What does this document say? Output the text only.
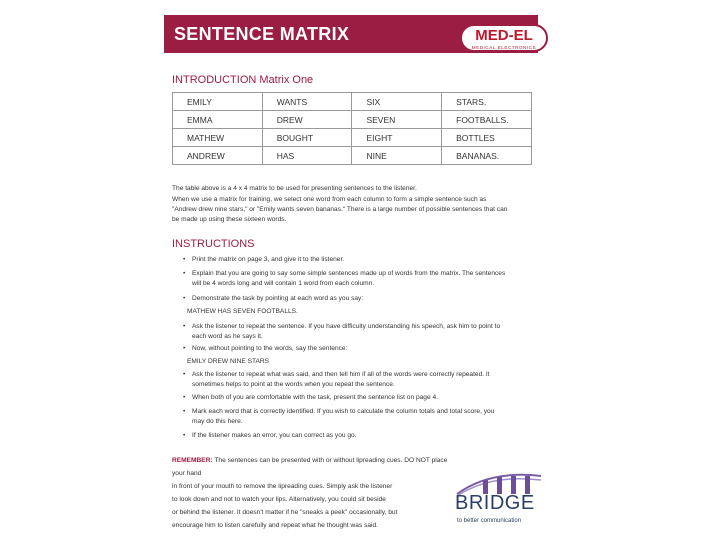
SENTENCE MATRIX	MED-EL
MEDICAL ELECTRONICS
INTRODUCTION Matrix One
EMILY	WANTS	SIX	STARS.
EMMA	DREW	SEVEN	FOOTBALLS.
MATHEW	BOUGHT	EIGHT	BOTTLES
ANDREW	HAS	NINE	BANANAS.
The table above is a 4 x 4 matrix to be used for presenting sentences to the listener.
When we use a matrix for training, we select one word from each column to form a simple sentence such as
"Andrew drew nine stars," or "Emily wants seven bananas." There is a large number of possible sentences that can
be made up using these sixteen words.
INSTRUCTIONS
• Print the matrix on page 3, and give it to the listener.
• Explain that you are going to say some simple sentences made up of words from the matrix. The sentences
will be 4 words long and will contain 1 word from each column.
• Demonstrate the task by pointing at each word as you say:
MATHEW HAS SEVEN FOOTBALLS.
• Ask the listener to repeat the sentence. If you have difficulty understanding his speech, ask him to point to
each word as he says it.
• Now, without pointing to the words, say the sentence:
EMILY DREW NINE STARS
• Ask the listener to repeat what was said, and then tell him if all of the words were correctly repeated. It
sometimes helps to point at the words when you repeat the sentence.
• When both of you are comfortable with the task, present the sentence list on page 4.
• Mark each word that is correctly identified. If you wish to calculate the column totals and total score, you
may do this here.
• If the listener makes an error, you can correct as you go.
REMEMBER: The sentences can be presented with or without lipreading cues. DO NOT place your hand
in front of your mouth to remove the lipreading cues. Simply ask the listener
to look down and not to watch your lips. Alternatively, you could sit beside
or behind the listener. It doesn't matter if he "sneaks a peek" occasionally, but
encourage him to listen carefully and repeat what he thought was said.
BRIDGE
to better communication
